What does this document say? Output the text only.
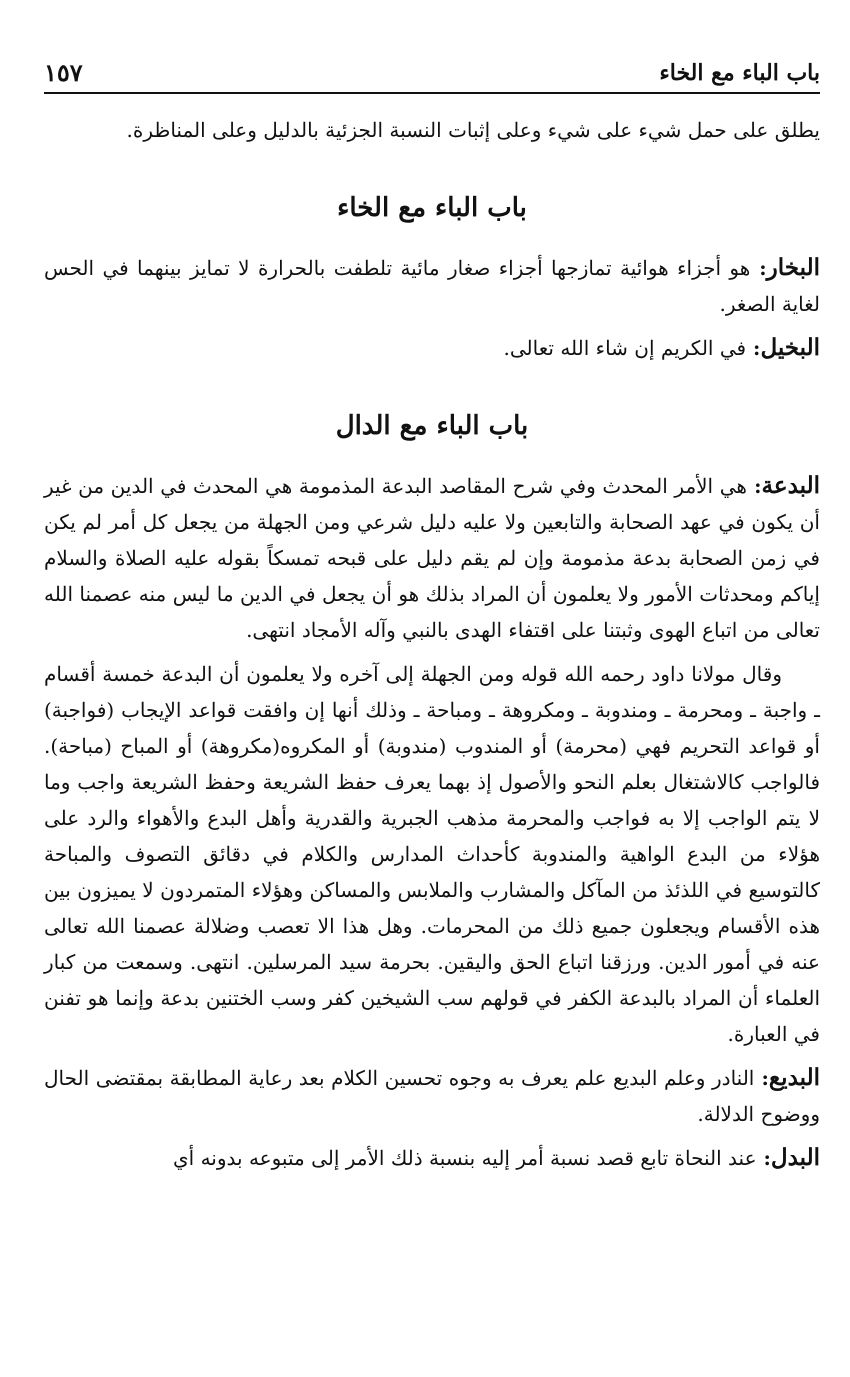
باب الباء مع الخاء
١٥٧

يطلق على حمل شيء على شيء وعلى إثبات النسبة الجزئية بالدليل وعلى المناظرة.

باب الباء مع الخاء

البخار: هو أجزاء هوائية تمازجها أجزاء صغار مائية تلطفت بالحرارة لا تمايز بينهما في الحس لغاية الصغر.

البخيل: في الكريم إن شاء الله تعالى.

باب الباء مع الدال

البدعة: هي الأمر المحدث وفي شرح المقاصد البدعة المذمومة هي المحدث في الدين من غير أن يكون في عهد الصحابة والتابعين ولا عليه دليل شرعي ومن الجهلة من يجعل كل أمر لم يكن في زمن الصحابة بدعة مذمومة وإن لم يقم دليل على قبحه تمسكاً بقوله عليه الصلاة والسلام إياكم ومحدثات الأمور ولا يعلمون أن المراد بذلك هو أن يجعل في الدين ما ليس منه عصمنا الله تعالى من اتباع الهوى وثبتنا على اقتفاء الهدى بالنبي وآله الأمجاد انتهى.

وقال مولانا داود رحمه الله قوله ومن الجهلة إلى آخره ولا يعلمون أن البدعة خمسة أقسام ـ واجبة ـ ومحرمة ـ ومندوبة ـ ومكروهة ـ ومباحة ـ وذلك أنها إن وافقت قواعد الإيجاب (فواجبة) أو قواعد التحريم فهي (محرمة) أو المندوب (مندوبة) أو المكروه(مكروهة) أو المباح (مباحة). فالواجب كالاشتغال بعلم النحو والأصول إذ بهما يعرف حفظ الشريعة وحفظ الشريعة واجب وما لا يتم الواجب إلا به فواجب والمحرمة مذهب الجبرية والقدرية وأهل البدع والأهواء والرد على هؤلاء من البدع الواهية والمندوبة كأحداث المدارس والكلام في دقائق التصوف والمباحة كالتوسيع في اللذئذ من المآكل والمشارب والملابس والمساكن وهؤلاء المتمردون لا يميزون بين هذه الأقسام ويجعلون جميع ذلك من المحرمات. وهل هذا الا تعصب وضلالة عصمنا الله تعالى عنه في أمور الدين. ورزقنا اتباع الحق واليقين. بحرمة سيد المرسلين. انتهى. وسمعت من كبار العلماء أن المراد بالبدعة الكفر في قولهم سب الشيخين كفر وسب الختنين بدعة وإنما هو تفنن في العبارة.

البديع: النادر وعلم البديع علم يعرف به وجوه تحسين الكلام بعد رعاية المطابقة بمقتضى الحال ووضوح الدلالة.

البدل: عند النحاة تابع قصد نسبة أمر إليه بنسبة ذلك الأمر إلى متبوعه بدونه أي
